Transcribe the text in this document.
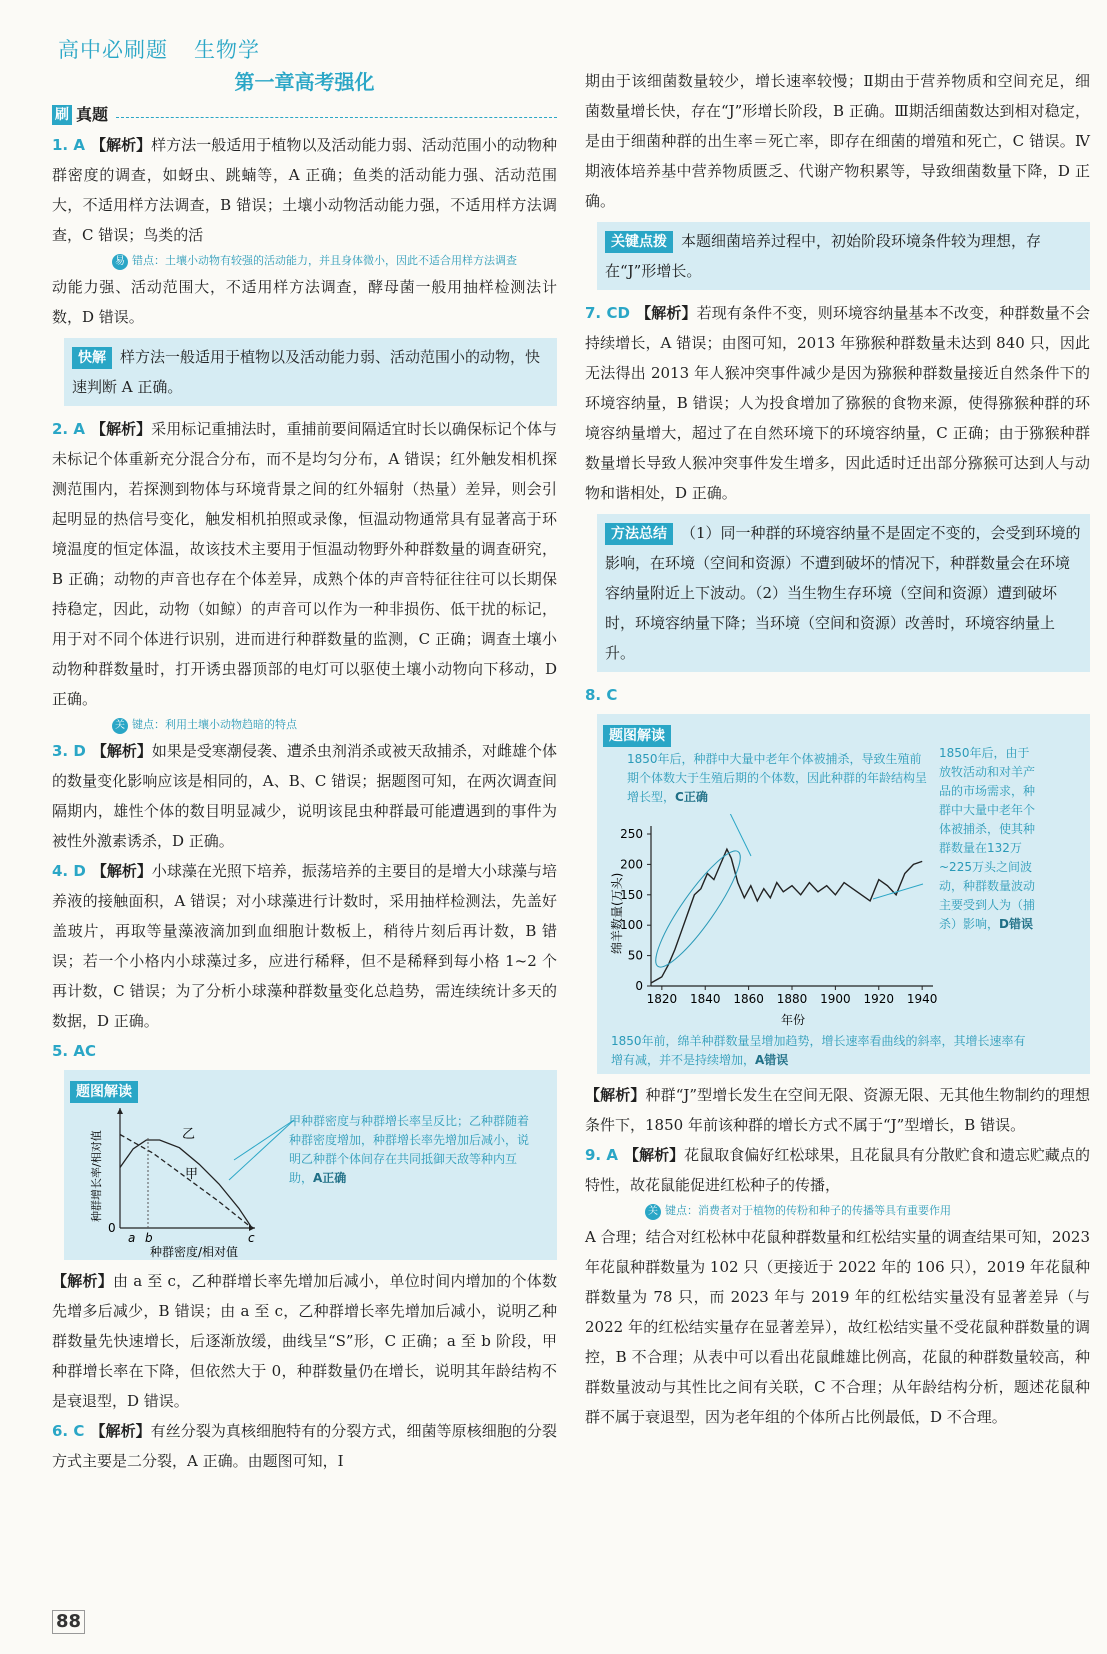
高中必刷题 生物学
第一章高考强化
刷 真题
1. A 【解析】样方法一般适用于植物以及活动能力弱、活动范围小的动物种群密度的调查，如蚜虫、跳蝻等，A 正确；鱼类的活动能力强、活动范围大，不适用样方法调查，B 错误；土壤小动物活动能力强，不适用样方法调查，C 错误；鸟类的活
易 错点：土壤小动物有较强的活动能力，并且身体微小，因此不适合用样方法调查
动能力强、活动范围大，不适用样方法调查，酵母菌一般用抽样检测法计数，D 错误。
快解 样方法一般适用于植物以及活动能力弱、活动范围小的动物，快速判断 A 正确。
2. A 【解析】采用标记重捕法时，重捕前要间隔适宜时长以确保标记个体与未标记个体重新充分混合分布，而不是均匀分布，A 错误；红外触发相机探测范围内，若探测到物体与环境背景之间的红外辐射（热量）差异，则会引起明显的热信号变化，触发相机拍照或录像，恒温动物通常具有显著高于环境温度的恒定体温，故该技术主要用于恒温动物野外种群数量的调查研究，B 正确；动物的声音也存在个体差异，成熟个体的声音特征往往可以长期保持稳定，因此，动物（如鲸）的声音可以作为一种非损伤、低干扰的标记，用于对不同个体进行识别，进而进行种群数量的监测，C 正确；调查土壤小动物种群数量时，打开诱虫器顶部的电灯可以驱使土壤小动物向下移动，D 正确。
关 键点：利用土壤小动物趋暗的特点
3. D 【解析】如果是受寒潮侵袭、遭杀虫剂消杀或被天敌捕杀，对雌雄个体的数量变化影响应该是相同的，A、B、C 错误；据题图可知，在两次调查间隔期内，雄性个体的数目明显减少，说明该昆虫种群最可能遭遇到的事件为被性外激素诱杀，D 正确。
4. D 【解析】小球藻在光照下培养，振荡培养的主要目的是增大小球藻与培养液的接触面积，A 错误；对小球藻进行计数时，采用抽样检测法，先盖好盖玻片，再取等量藻液滴加到血细胞计数板上，稍待片刻后再计数，B 错误；若一个小格内小球藻过多，应进行稀释，但不是稀释到每小格 1~2 个再计数，C 错误；为了分析小球藻种群数量变化总趋势，需连续统计多天的数据，D 正确。
5. AC
题图解读
乙
甲
0
a b	c
种群密度/相对值
种群增长率/相对值
甲种群密度与种群增长率呈反比；乙种群随着种群密度增加，种群增长率先增加后减小，说明乙种群个体间存在共同抵御天敌等种内互助，A正确
【解析】由 a 至 c，乙种群增长率先增加后减小，单位时间内增加的个体数先增多后减少，B 错误；由 a 至 c，乙种群增长率先增加后减小，说明乙种群数量先快速增长，后逐渐放缓，曲线呈“S”形，C 正确；a 至 b 阶段，甲种群增长率在下降，但依然大于 0，种群数量仍在增长，说明其年龄结构不是衰退型，D 错误。
6. C 【解析】有丝分裂为真核细胞特有的分裂方式，细菌等原核细胞的分裂方式主要是二分裂，A 正确。由题图可知，Ⅰ
期由于该细菌数量较少，增长速率较慢；Ⅱ期由于营养物质和空间充足，细菌数量增长快，存在“J”形增长阶段，B 正确。Ⅲ期活细菌数达到相对稳定，是由于细菌种群的出生率＝死亡率，即存在细菌的增殖和死亡，C 错误。Ⅳ期液体培养基中营养物质匮乏、代谢产物积累等，导致细菌数量下降，D 正确。
关键点拨 本题细菌培养过程中，初始阶段环境条件较为理想，存在“J”形增长。
7. CD 【解析】若现有条件不变，则环境容纳量基本不改变，种群数量不会持续增长，A 错误；由图可知，2013 年猕猴种群数量未达到 840 只，因此无法得出 2013 年人猴冲突事件减少是因为猕猴种群数量接近自然条件下的环境容纳量，B 错误；人为投食增加了猕猴的食物来源，使得猕猴种群的环境容纳量增大，超过了在自然环境下的环境容纳量，C 正确；由于猕猴种群数量增长导致人猴冲突事件发生增多，因此适时迁出部分猕猴可达到人与动物和谐相处，D 正确。
方法总结 （1）同一种群的环境容纳量不是固定不变的，会受到环境的影响，在环境（空间和资源）不遭到破坏的情况下，种群数量会在环境容纳量附近上下波动。（2）当生物生存环境（空间和资源）遭到破坏时，环境容纳量下降；当环境（空间和资源）改善时，环境容纳量上升。
8. C
题图解读
1850年后，种群中大量中老年个体被捕杀，导致生殖前期个体数大于生殖后期的个体数，因此种群的年龄结构呈增长型，C正确
1850年后，由于放牧活动和对羊产品的市场需求，种群中大量中老年个体被捕杀，使其种群数量在132万~225万头之间波动，种群数量波动主要受到人为（捕杀）影响，D错误
0
50
100
150
200
250
1820 1840 1860 1880 1900 1920 1940
绵羊数量(万头)
年份
1850年前，绵羊种群数量呈增加趋势，增长速率看曲线的斜率，其增长速率有增有减，并不是持续增加，A错误
【解析】种群“J”型增长发生在空间无限、资源无限、无其他生物制约的理想条件下，1850 年前该种群的增长方式不属于“J”型增长，B 错误。
9. A 【解析】花鼠取食偏好红松球果，且花鼠具有分散贮食和遗忘贮藏点的特性，故花鼠能促进红松种子的传播，
关 键点：消费者对于植物的传粉和种子的传播等具有重要作用
A 合理；结合对红松林中花鼠种群数量和红松结实量的调查结果可知，2023 年花鼠种群数量为 102 只（更接近于 2022 年的 106 只），2019 年花鼠种群数量为 78 只，而 2023 年与 2019 年的红松结实量没有显著差异（与 2022 年的红松结实量存在显著差异），故红松结实量不受花鼠种群数量的调控，B 不合理；从表中可以看出花鼠雌雄比例高，花鼠的种群数量较高，种群数量波动与其性比之间有关联，C 不合理；从年龄结构分析，题述花鼠种群不属于衰退型，因为老年组的个体所占比例最低，D 不合理。
88
